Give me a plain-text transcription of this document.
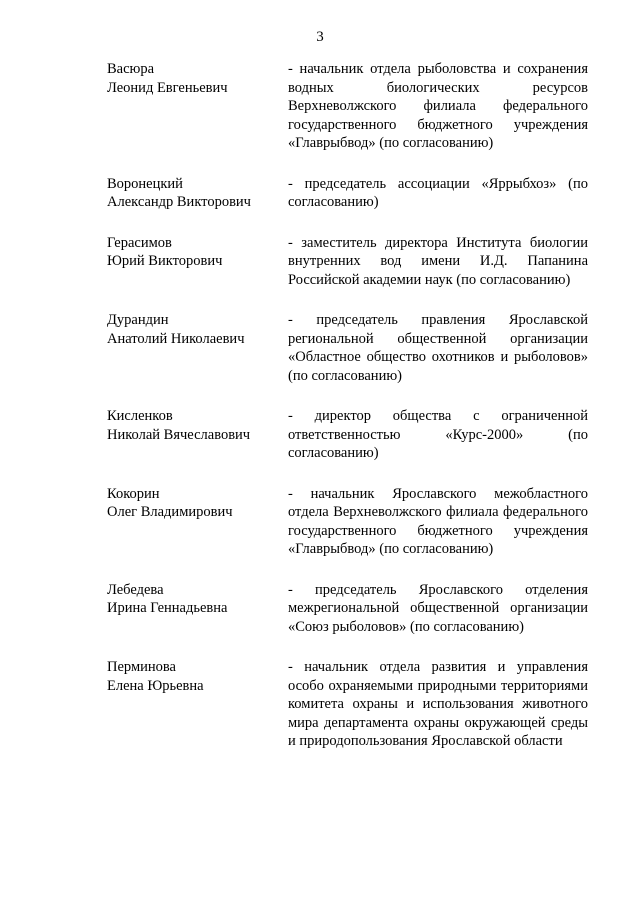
3
Васюра
Леонид Евгеньевич
- начальник отдела рыболовства и сохранения водных биологических ресурсов Верхневолжского филиала федерального государственного бюджетного учреждения «Главрыбвод» (по согласованию)
Воронецкий
Александр Викторович
- председатель ассоциации «Яррыбхоз» (по согласованию)
Герасимов
Юрий Викторович
- заместитель директора Института биологии внутренних вод имени И.Д. Папанина Российской академии наук (по согласованию)
Дурандин
Анатолий Николаевич
- председатель правления Ярославской региональной общественной организации «Областное общество охотников и рыболовов» (по согласованию)
Кисленков
Николай Вячеславович
- директор общества с ограниченной ответственностью «Курс-2000» (по согласованию)
Кокорин
Олег Владимирович
- начальник Ярославского межобластного отдела Верхневолжского филиала федерального государственного бюджетного учреждения «Главрыбвод» (по согласованию)
Лебедева
Ирина Геннадьевна
- председатель Ярославского отделения межрегиональной общественной организации «Союз рыболовов» (по согласованию)
Перминова
Елена Юрьевна
- начальник отдела развития и управления особо охраняемыми природными территориями комитета охраны и использования животного мира департамента охраны окружающей среды и природопользования Ярославской области
